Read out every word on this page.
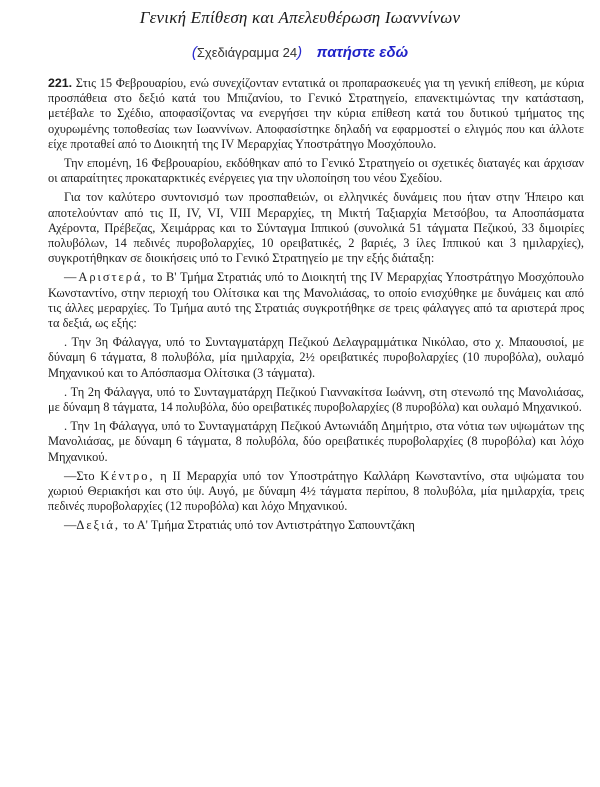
Γενική Επίθεση και Απελευθέρωση Ιωαννίνων
(Σχεδιάγραμμα 24) πατήστε εδώ

221. Στις 15 Φεβρουαρίου, ενώ συνεχίζονταν εντατικά οι προπαρασκευές για τη γενική επίθεση, με κύρια προσπάθεια στο δεξιό κατά του Μπιζανίου, το Γενικό Στρατηγείο, επανεκτιμώντας την κατάσταση, μετέβαλε το Σχέδιο, αποφασίζοντας να ενεργήσει την κύρια επίθεση κατά του δυτικού τμήματος της οχυρωμένης τοποθεσίας των Ιωαννίνων. Αποφασίστηκε δηλαδή να εφαρμοστεί ο ελιγμός που και άλλοτε είχε προταθεί από το Διοικητή της IV Μεραρχίας Υποστράτηγο Μοσχόπουλο.

Την επομένη, 16 Φεβρουαρίου, εκδόθηκαν από το Γενικό Στρατηγείο οι σχετικές διαταγές και άρχισαν οι απαραίτητες προκαταρκτικές ενέργειες για την υλοποίηση του νέου Σχεδίου.

Για τον καλύτερο συντονισμό των προσπαθειών, οι ελληνικές δυνάμεις που ήταν στην Ήπειρο και αποτελούνταν από τις II, IV, VI, VIII Μεραρχίες, τη Μικτή Ταξιαρχία Μετσόβου, τα Αποσπάσματα Αχέροντα, Πρέβεζας, Χειμάρρας και το Σύνταγμα Ιππικού (συνολικά 51 τάγματα Πεζικού, 33 διμοιρίες πολυβόλων, 14 πεδινές πυροβολαρχίες, 10 ορειβατικές, 2 βαριές, 3 ίλες Ιππικού και 3 ημιλαρχίες), συγκροτήθηκαν σε διοικήσεις υπό το Γενικό Στρατηγείο με την εξής διάταξη:

—Αριστερά, το Β' Τμήμα Στρατιάς υπό το Διοικητή της IV Μεραρχίας Υποστράτηγο Μοσχόπουλο Κωνσταντίνο, στην περιοχή του Ολίτσικα και της Μανολιάσας, το οποίο ενισχύθηκε με δυνάμεις και από τις άλλες μεραρχίες. Το Τμήμα αυτό της Στρατιάς συγκροτήθηκε σε τρεις φάλαγγες από τα αριστερά προς τα δεξιά, ως εξής:

. Την 3η Φάλαγγα, υπό το Συνταγματάρχη Πεζικού Δελαγραμμάτικα Νικόλαο, στο χ. Μπαουσιοί, με δύναμη 6 τάγματα, 8 πολυβόλα, μία ημιλαρχία, 2½ ορειβατικές πυροβολαρχίες (10 πυροβόλα), ουλαμό Μηχανικού και το Απόσπασμα Ολίτσικα (3 τάγματα).

. Τη 2η Φάλαγγα, υπό το Συνταγματάρχη Πεζικού Γιαννακίτσα Ιωάννη, στη στενωπό της Μανολιάσας, με δύναμη 8 τάγματα, 14 πολυβόλα, δύο ορειβατικές πυροβολαρχίες (8 πυροβόλα) και ουλαμό Μηχανικού.

. Την 1η Φάλαγγα, υπό το Συνταγματάρχη Πεζικού Αντωνιάδη Δημήτριο, στα νότια των υψωμάτων της Μανολιάσας, με δύναμη 6 τάγματα, 8 πολυβόλα, δύο ορειβατικές πυροβολαρχίες (8 πυροβόλα) και λόχο Μηχανικού.

—Στο Κέντρο, η II Μεραρχία υπό τον Υποστράτηγο Καλλάρη Κωνσταντίνο, στα υψώματα του χωριού Θεριακήσι και στο ύψ. Αυγό, με δύναμη 4½ τάγματα περίπου, 8 πολυβόλα, μία ημιλαρχία, τρεις πεδινές πυροβολαρχίες (12 πυροβόλα) και λόχο Μηχανικού.

—Δεξιά, το Α' Τμήμα Στρατιάς υπό τον Αντιστράτηγο Σαπουντζάκη
